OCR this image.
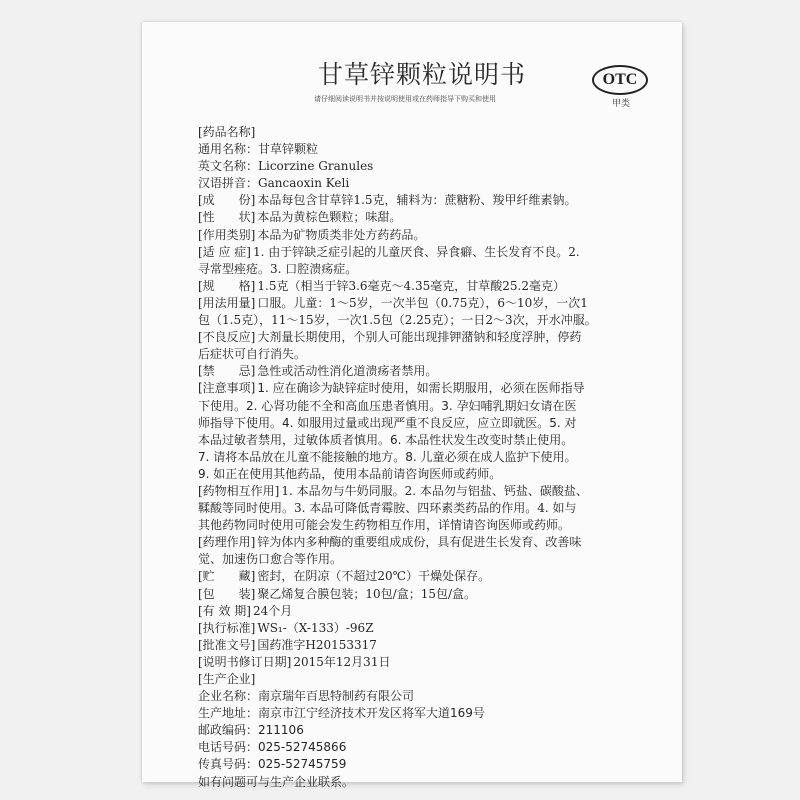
甘草锌颗粒说明书
请仔细阅读说明书并按说明使用或在药师指导下购买和使用
OTC
甲类
[药品名称]
通用名称：甘草锌颗粒
英文名称：Licorzine Granules
汉语拼音：Gancaoxin Keli
[成　　份] 本品每包含甘草锌1.5克，辅料为：蔗糖粉、羧甲纤维素钠。
[性　　状] 本品为黄棕色颗粒；味甜。
[作用类别] 本品为矿物质类非处方药药品。
[适 应 症] 1. 由于锌缺乏症引起的儿童厌食、异食癖、生长发育不良。2.
寻常型痤疮。3. 口腔溃疡症。
[规　　格] 1.5克（相当于锌3.6毫克～4.35毫克，甘草酸25.2毫克）
[用法用量] 口服。儿童：1～5岁，一次半包（0.75克），6～10岁，一次1
包（1.5克），11～15岁，一次1.5包（2.25克）；一日2～3次，开水冲服。
[不良反应] 大剂量长期使用，个别人可能出现排钾潴钠和轻度浮肿，停药
后症状可自行消失。
[禁　　忌] 急性或活动性消化道溃疡者禁用。
[注意事项] 1. 应在确诊为缺锌症时使用，如需长期服用，必须在医师指导
下使用。2. 心肾功能不全和高血压患者慎用。3. 孕妇哺乳期妇女请在医
师指导下使用。4. 如服用过量或出现严重不良反应，应立即就医。5. 对
本品过敏者禁用，过敏体质者慎用。6. 本品性状发生改变时禁止使用。
7. 请将本品放在儿童不能接触的地方。8. 儿童必须在成人监护下使用。
9. 如正在使用其他药品，使用本品前请咨询医师或药师。
[药物相互作用] 1. 本品勿与牛奶同服。2. 本品勿与铝盐、钙盐、碳酸盐、
鞣酸等同时使用。3. 本品可降低青霉胺、四环素类药品的作用。4. 如与
其他药物同时使用可能会发生药物相互作用，详情请咨询医师或药师。
[药理作用] 锌为体内多种酶的重要组成成份，具有促进生长发育、改善味
觉、加速伤口愈合等作用。
[贮　　藏] 密封，在阴凉（不超过20℃）干燥处保存。
[包　　装] 聚乙烯复合膜包装；10包/盒；15包/盒。
[有 效 期] 24个月
[执行标准] WS₁-（X-133）-96Z
[批准文号] 国药准字H20153317
[说明书修订日期] 2015年12月31日
[生产企业]
企业名称：南京瑞年百思特制药有限公司
生产地址：南京市江宁经济技术开发区将军大道169号
邮政编码：211106
电话号码：025-52745866
传真号码：025-52745759
如有问题可与生产企业联系。
